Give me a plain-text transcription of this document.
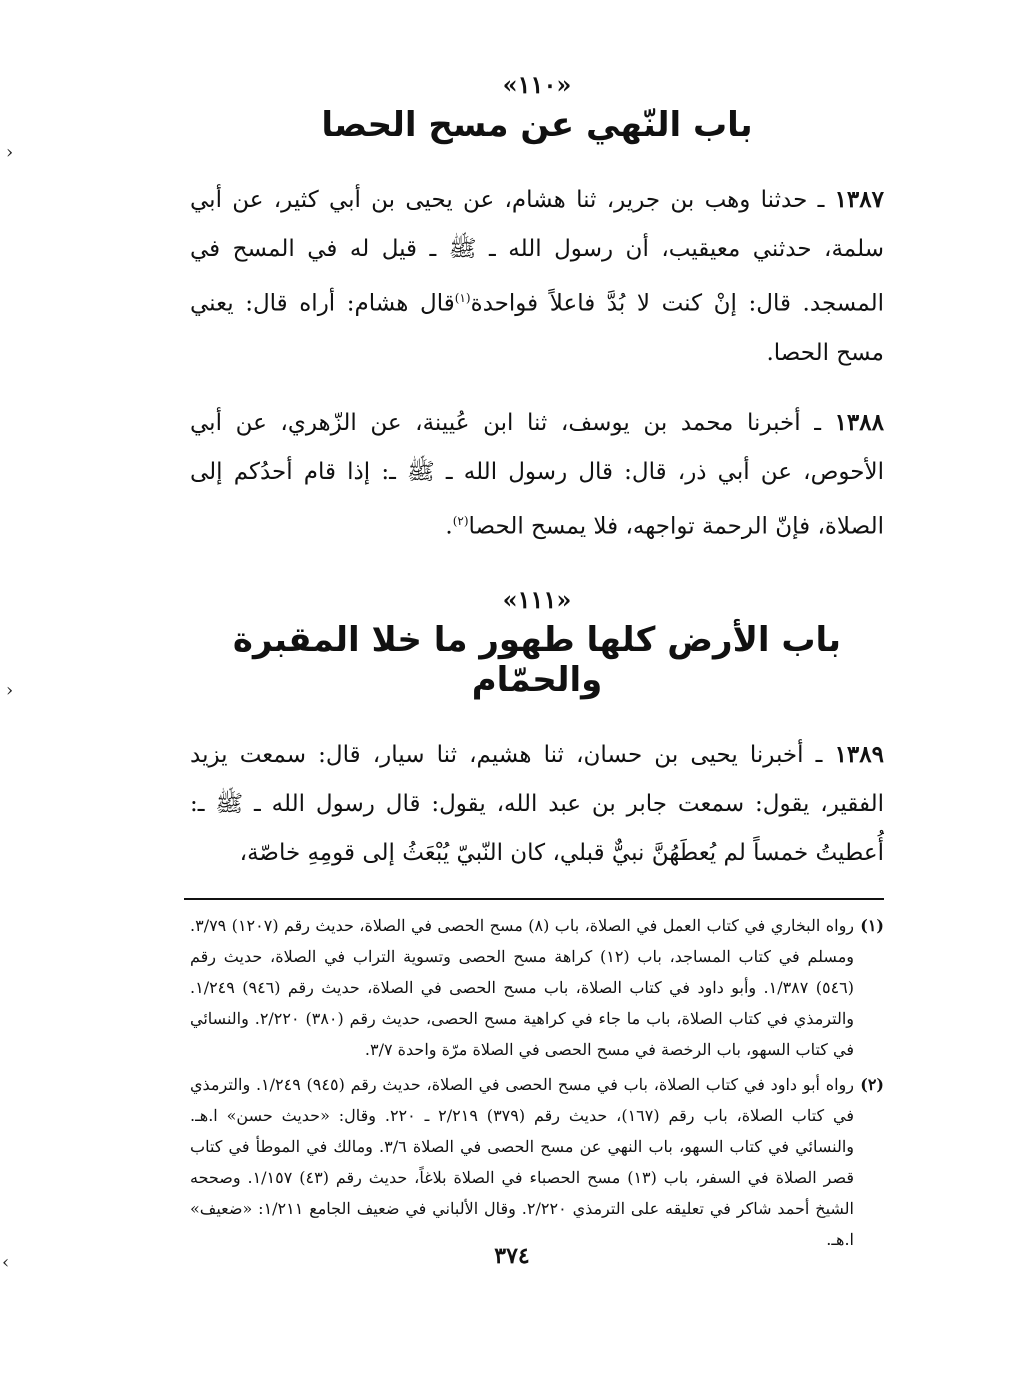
›
›
‹
«١١٠»
باب النّهي عن مسح الحصا

١٣٨٧ ـ حدثنا وهب بن جرير، ثنا هشام، عن يحيى بن أبي كثير، عن أبي سلمة، حدثني معيقيب، أن رسول الله ـ ﷺ ـ قيل له في المسح في المسجد. قال: إنْ كنت لا بُدَّ فاعلاً فواحدة$^{(١)}$قال هشام: أراه قال: يعني مسح الحصا.

١٣٨٨ ـ أخبرنا محمد بن يوسف، ثنا ابن عُيينة، عن الزّهري، عن أبي الأحوص، عن أبي ذر، قال: قال رسول الله ـ ﷺ ـ: إذا قام أحدُكم إلى الصلاة، فإنّ الرحمة تواجهه، فلا يمسح الحصا$^{(٢)}$.

«١١١»
باب الأرض كلها طهور ما خلا المقبرة والحمّام

١٣٨٩ ـ أخبرنا يحيى بن حسان، ثنا هشيم، ثنا سيار، قال: سمعت يزيد الفقير، يقول: سمعت جابر بن عبد الله، يقول: قال رسول الله ـ ﷺ ـ: أُعطيتُ خمساً لم يُعطَهُنَّ نبيٌّ قبلي، كان النّبيّ يُبْعَثُ إلى قومِهِ خاصّة،

(١)
رواه البخاري في كتاب العمل في الصلاة، باب (٨) مسح الحصى في الصلاة، حديث رقم (١٢٠٧) ٣/٧٩. ومسلم في كتاب المساجد، باب (١٢) كراهة مسح الحصى وتسوية التراب في الصلاة، حديث رقم (٥٤٦) ١/٣٨٧. وأبو داود في كتاب الصلاة، باب مسح الحصى في الصلاة، حديث رقم (٩٤٦) ١/٢٤٩. والترمذي في كتاب الصلاة، باب ما جاء في كراهية مسح الحصى، حديث رقم (٣٨٠) ٢/٢٢٠. والنسائي في كتاب السهو، باب الرخصة في مسح الحصى في الصلاة مرّة واحدة ٣/٧.

(٢)
رواه أبو داود في كتاب الصلاة، باب في مسح الحصى في الصلاة، حديث رقم (٩٤٥) ١/٢٤٩. والترمذي في كتاب الصلاة، باب رقم (١٦٧)، حديث رقم (٣٧٩) ٢/٢١٩ ـ ٢٢٠. وقال: «حديث حسن» ا.هـ. والنسائي في كتاب السهو، باب النهي عن مسح الحصى في الصلاة ٣/٦. ومالك في الموطأ في كتاب قصر الصلاة في السفر، باب (١٣) مسح الحصباء في الصلاة بلاغاً، حديث رقم (٤٣) ١/١٥٧. وصححه الشيخ أحمد شاكر في تعليقه على الترمذي ٢/٢٢٠. وقال الألباني في ضعيف الجامع ١/٢١١: «ضعيف» ا.هـ.

٣٧٤
